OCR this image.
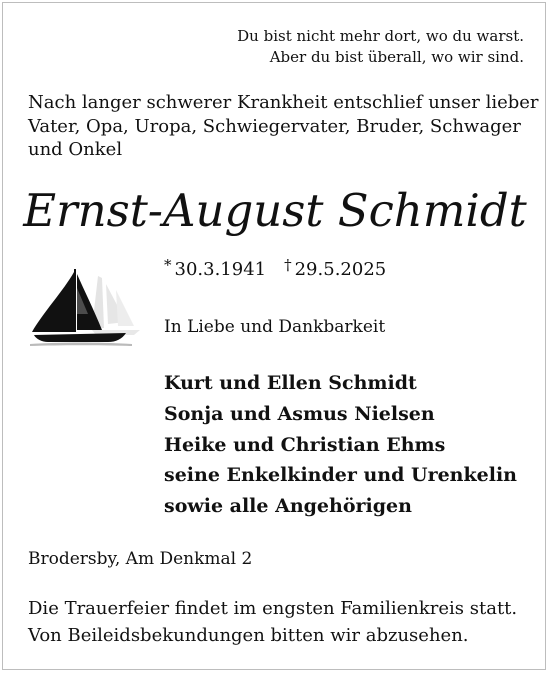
Du bist nicht mehr dort, wo du warst.
Aber du bist überall, wo wir sind.
Nach langer schwerer Krankheit entschlief unser lieber
Vater, Opa, Uropa, Schwiegervater, Bruder, Schwager
und Onkel
Ernst-August Schmidt
* 30.3.1941 † 29.5.2025
In Liebe und Dankbarkeit
Kurt und Ellen Schmidt
Sonja und Asmus Nielsen
Heike und Christian Ehms
seine Enkelkinder und Urenkelin
sowie alle Angehörigen
Brodersby, Am Denkmal 2
Die Trauerfeier findet im engsten Familienkreis statt.
Von Beileidsbekundungen bitten wir abzusehen.
